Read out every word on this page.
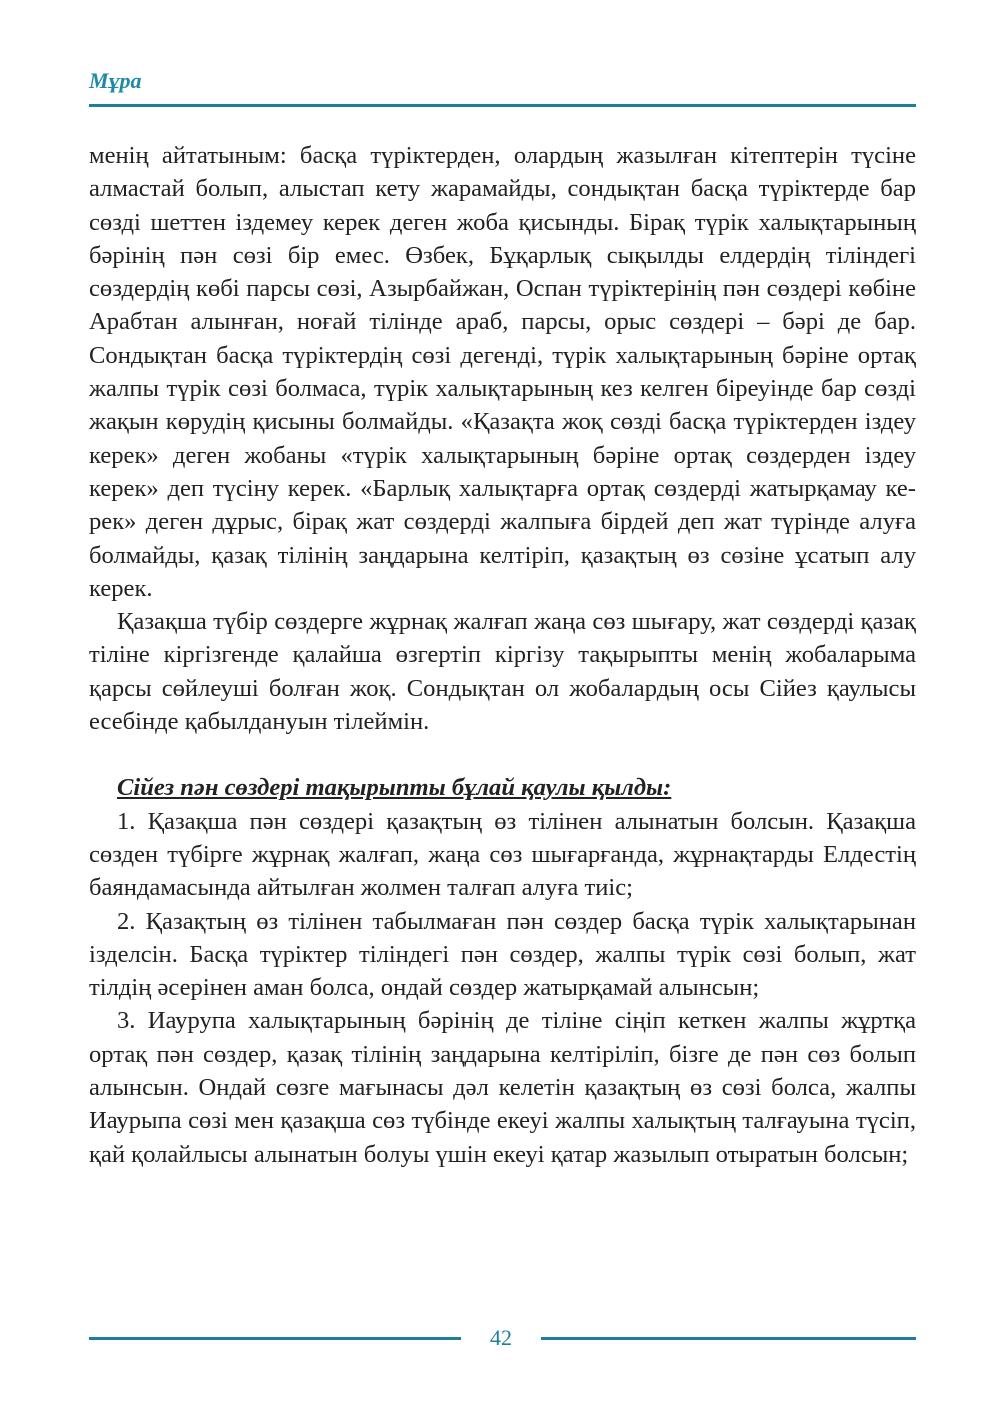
Мұра

менің айтатыным: басқа түріктерден, олардың жазылған кітептерін түсіне алмастай болып, алыстап кету жарамайды, сондықтан басқа түріктерде бар сөзді шеттен іздемеу керек деген жоба қисынды. Бірақ түрік халықтарының бәрінің пән сөзі бір емес. Өзбек, Бұқарлық сықылды елдердің тіліндегі сөздердің көбі парсы сөзі, Азырбайжан, Оспан түріктерінің пән сөздері көбіне Арабтан алынған, ноғай тілінде араб, парсы, орыс сөздері – бәрі де бар. Сондықтан басқа түріктердің сөзі дегенді, түрік халықтарының бәріне ортақ жалпы түрік сөзі болмаса, түрік халықтарының кез келген біреуінде бар сөзді жақын көрудің қисыны болмайды. «Қазақта жоқ сөзді басқа түріктерден іздеу керек» деген жобаны «түрік халықтарының бәріне ортақ сөздерден іздеу керек» деп түсіну керек. «Барлық халықтарға ортақ сөздерді жатырқамау керек» деген дұрыс, бірақ жат сөздерді жалпыға бірдей деп жат түрінде алуға болмайды, қазақ тілінің заңдарына келтіріп, қазақтың өз сөзіне ұсатып алу керек.

Қазақша түбір сөздерге жұрнақ жалғап жаңа сөз шығару, жат сөздерді қазақ тіліне кіргізгенде қалайша өзгертіп кіргізу тақырыпты менің жобаларыма қарсы сөйлеуші болған жоқ. Сондықтан ол жобалардың осы Сійез қаулысы есебінде қабылдануын тілеймін.

Сійез пән сөздері тақырыпты бұлай қаулы қылды:

1. Қазақша пән сөздері қазақтың өз тілінен алынатын болсын. Қазақша сөзден түбірге жұрнақ жалғап, жаңа сөз шығарғанда, жұрнақтарды Елдестің баяндамасында айтылған жолмен талғап алуға тиіс;

2. Қазақтың өз тілінен табылмаған пән сөздер басқа түрік халықтарынан ізделсін. Басқа түріктер тіліндегі пән сөздер, жалпы түрік сөзі болып, жат тілдің әсерінен аман болса, ондай сөздер жатырқамай алынсын;

3. Иаурупа халықтарының бәрінің де тіліне сіңіп кеткен жалпы жұртқа ортақ пән сөздер, қазақ тілінің заңдарына келтіріліп, бізге де пән сөз болып алынсын. Ондай сөзге мағынасы дәл келетін қазақтың өз сөзі болса, жалпы Иаурыпа сөзі мен қазақша сөз түбінде екеуі жалпы халықтың талғауына түсіп, қай қолайлысы алынатын болуы үшін екеуі қатар жазылып отыратын болсын;

42
